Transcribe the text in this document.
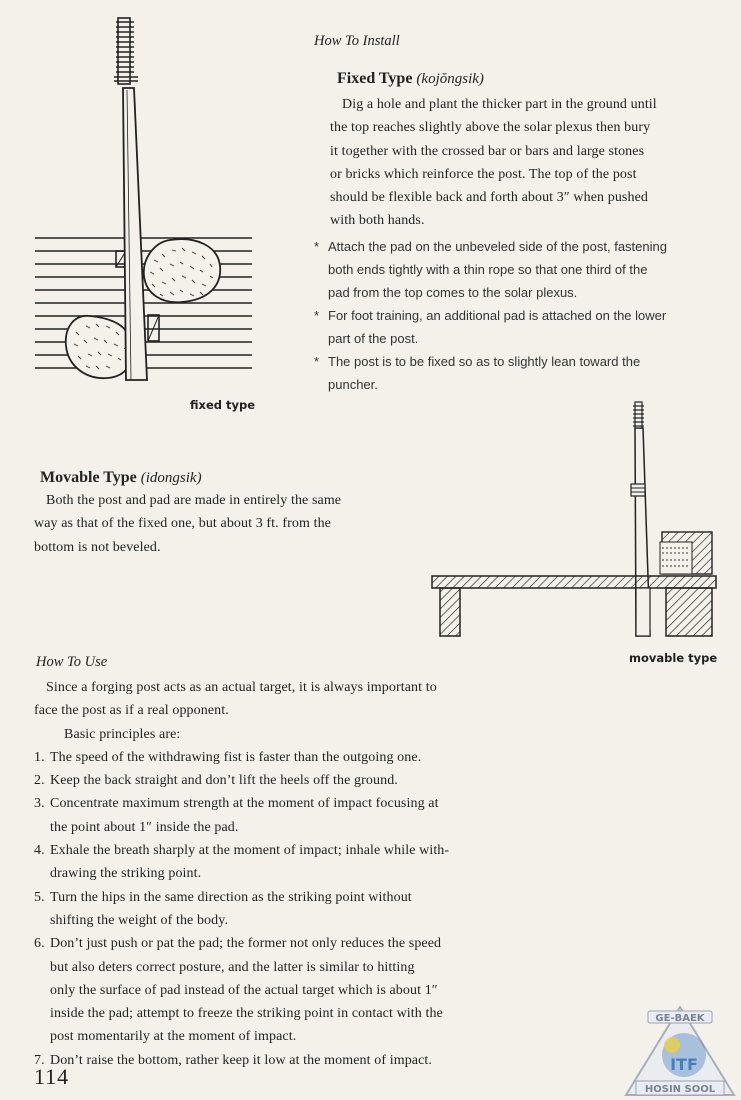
fixed type
How To Install
Fixed Type (kojŏngsik)
Dig a hole and plant the thicker part in the ground until
the top reaches slightly above the solar plexus then bury
it together with the crossed bar or bars and large stones
or bricks which reinforce the post. The top of the post
should be flexible back and forth about 3″ when pushed
with both hands.
* Attach the pad on the unbeveled side of the post, fastening
both ends tightly with a thin rope so that one third of the
pad from the top comes to the solar plexus.
* For foot training, an additional pad is attached on the lower
part of the post.
* The post is to be fixed so as to slightly lean toward the
puncher.
Movable Type (idongsik)
Both the post and pad are made in entirely the same
way as that of the fixed one, but about 3 ft. from the
bottom is not beveled.
movable type
How To Use
Since a forging post acts as an actual target, it is always important to
face the post as if a real opponent.
Basic principles are:
1. The speed of the withdrawing fist is faster than the outgoing one.
2. Keep the back straight and don’t lift the heels off the ground.
3. Concentrate maximum strength at the moment of impact focusing at
the point about 1″ inside the pad.
4. Exhale the breath sharply at the moment of impact; inhale while with-
drawing the striking point.
5. Turn the hips in the same direction as the striking point without
shifting the weight of the body.
6. Don’t just push or pat the pad; the former not only reduces the speed
but also deters correct posture, and the latter is similar to hitting
only the surface of pad instead of the actual target which is about 1″
inside the pad; attempt to freeze the striking point in contact with the
post momentarily at the moment of impact.
7. Don’t raise the bottom, rather keep it low at the moment of impact.
114
GE-BAEK
ITF
HOSIN SOOL
